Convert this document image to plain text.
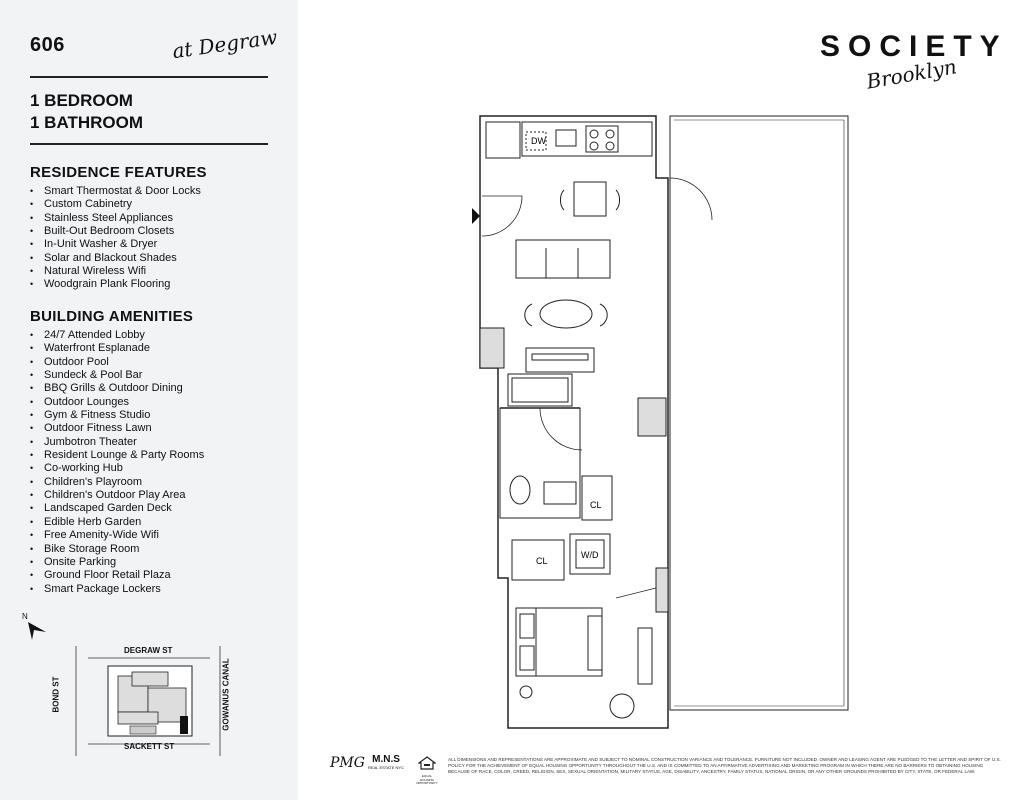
606	at Degraw
1 BEDROOM
1 BATHROOM
RESIDENCE FEATURES
• Smart Thermostat & Door Locks
• Custom Cabinetry
• Stainless Steel Appliances
• Built-Out Bedroom Closets
• In-Unit Washer & Dryer
• Solar and Blackout Shades
• Natural Wireless Wifi
• Woodgrain Plank Flooring
BUILDING AMENITIES
• 24/7 Attended Lobby
• Waterfront Esplanade
• Outdoor Pool
• Sundeck & Pool Bar
• BBQ Grills & Outdoor Dining
• Outdoor Lounges
• Gym & Fitness Studio
• Outdoor Fitness Lawn
• Jumbotron Theater
• Resident Lounge & Party Rooms
• Co-working Hub
• Children's Playroom
• Children's Outdoor Play Area
• Landscaped Garden Deck
• Edible Herb Garden
• Free Amenity-Wide Wifi
• Bike Storage Room
• Onsite Parking
• Ground Floor Retail Plaza
• Smart Package Lockers
N
DEGRAW ST
SACKETT ST
BOND ST	GOWANUS CANAL
SOCIETY
Brooklyn
DW
CL
CL
W/D
PMG M.N.S
REAL ESTATE NYC
EQUAL HOUSING OPPORTUNITY
ALL DIMENSIONS AND REPRESENTATIONS ARE APPROXIMATE AND SUBJECT TO NOMINAL CONSTRUCTION VARIANCE AND TOLERANCE. FURNITURE NOT INCLUDED. OWNER AND LEASING AGENT ARE PLEDGED TO THE LETTER AND SPIRIT OF U.S. POLICY FOR THE ACHIEVEMENT OF EQUAL HOUSING OPPORTUNITY THROUGHOUT THE U.S. AND IS COMMITTED TO AN AFFIRMATIVE ADVERTISING AND MARKETING PROGRAM IN WHICH THERE ARE NO BARRIERS TO OBTAINING HOUSING BECAUSE OF RACE, COLOR, CREED, RELIGION, SEX, SEXUAL ORIENTATION, MILITARY STATUS, AGE, DISABILITY, ANCESTRY, FAMILY STATUS, NATIONAL ORIGIN, OR ANY OTHER GROUNDS PROHIBITED BY CITY, STATE, OR FEDERAL LAW.
